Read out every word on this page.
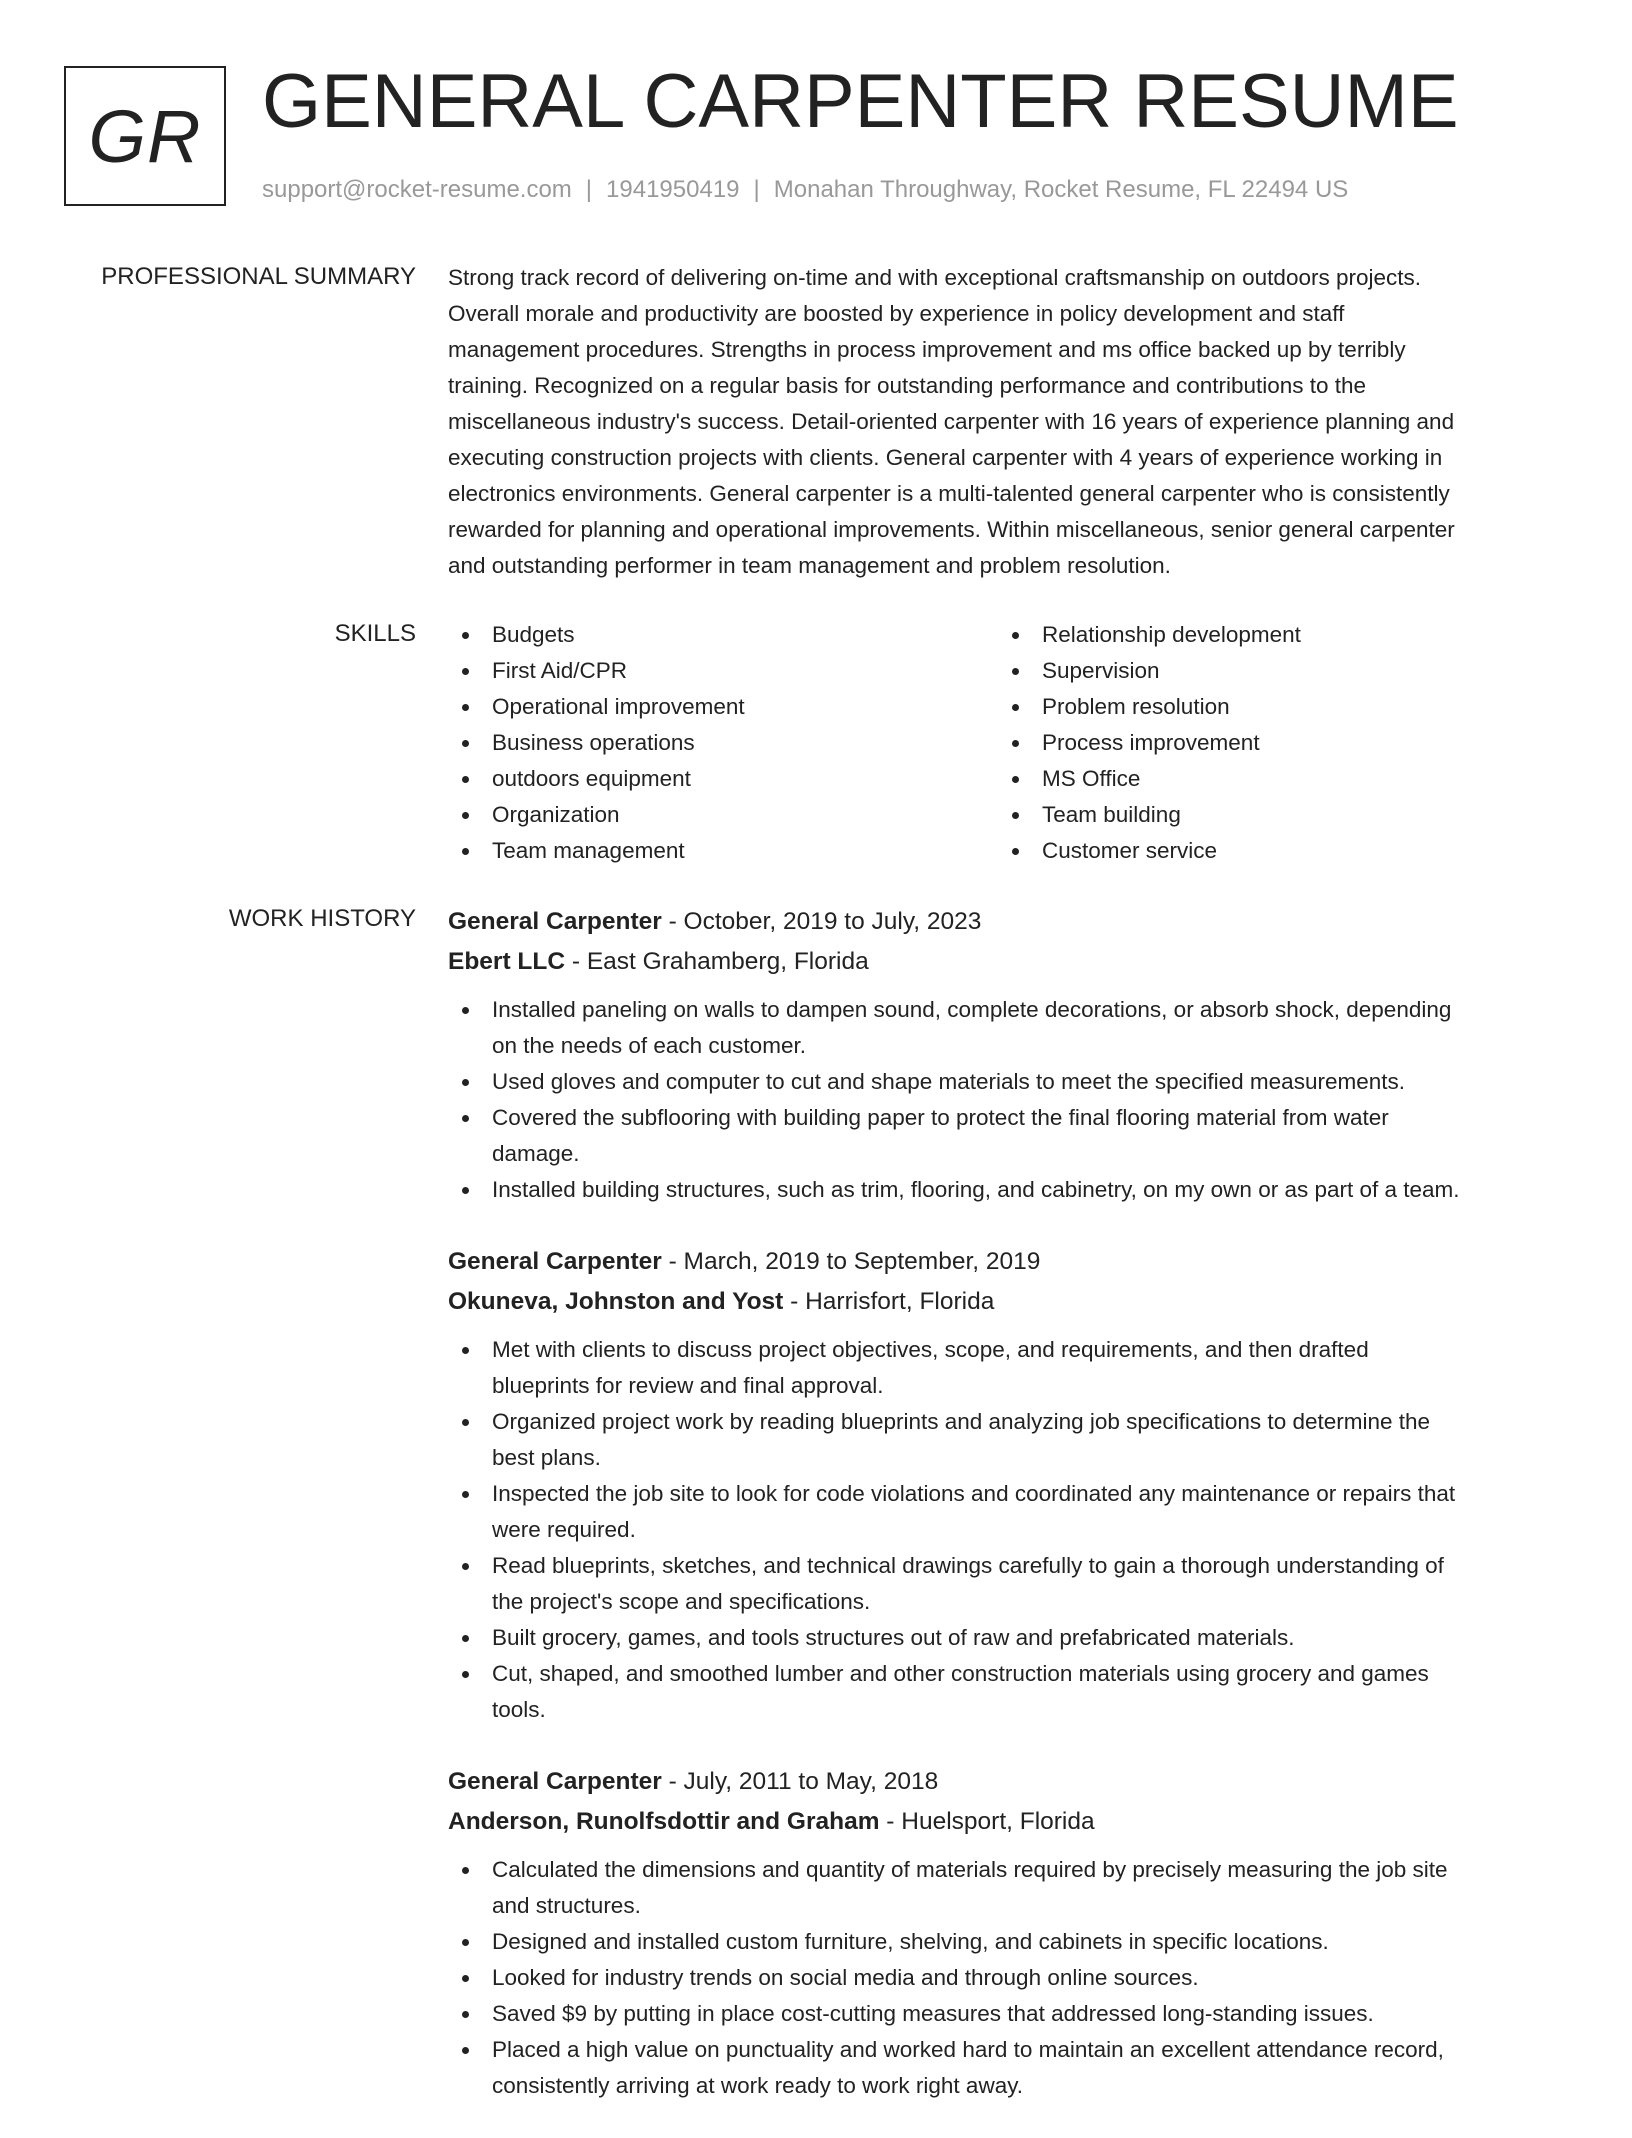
GR GENERAL CARPENTER RESUME
support@rocket-resume.com | 1941950419 | Monahan Throughway, Rocket Resume, FL 22494 US
PROFESSIONAL SUMMARY Strong track record of delivering on-time and with exceptional craftsmanship on outdoors projects.
Overall morale and productivity are boosted by experience in policy development and staff
management procedures. Strengths in process improvement and ms office backed up by terribly
training. Recognized on a regular basis for outstanding performance and contributions to the
miscellaneous industry's success. Detail-oriented carpenter with 16 years of experience planning and
executing construction projects with clients. General carpenter with 4 years of experience working in
electronics environments. General carpenter is a multi-talented general carpenter who is consistently
rewarded for planning and operational improvements. Within miscellaneous, senior general carpenter
and outstanding performer in team management and problem resolution.

SKILLS	Budgets
First Aid/CPR
Operational improvement
Business operations
outdoors equipment
Organization
Team management
Relationship development
Supervision
Problem resolution
Process improvement
MS Office
Team building
Customer service
WORK HISTORY General Carpenter - October, 2019 to July, 2023
Ebert LLC - East Grahamberg, Florida
Installed paneling on walls to dampen sound, complete decorations, or absorb shock, depending
on the needs of each customer.
Used gloves and computer to cut and shape materials to meet the specified measurements.
Covered the subflooring with building paper to protect the final flooring material from water
damage.
Installed building structures, such as trim, flooring, and cabinetry, on my own or as part of a team.
General Carpenter - March, 2019 to September, 2019
Okuneva, Johnston and Yost - Harrisfort, Florida
Met with clients to discuss project objectives, scope, and requirements, and then drafted
blueprints for review and final approval.
Organized project work by reading blueprints and analyzing job specifications to determine the
best plans.
Inspected the job site to look for code violations and coordinated any maintenance or repairs that
were required.
Read blueprints, sketches, and technical drawings carefully to gain a thorough understanding of
the project's scope and specifications.
Built grocery, games, and tools structures out of raw and prefabricated materials.
Cut, shaped, and smoothed lumber and other construction materials using grocery and games
tools.
General Carpenter - July, 2011 to May, 2018
Anderson, Runolfsdottir and Graham - Huelsport, Florida
Calculated the dimensions and quantity of materials required by precisely measuring the job site
and structures.
Designed and installed custom furniture, shelving, and cabinets in specific locations.
Looked for industry trends on social media and through online sources.
Saved $9 by putting in place cost-cutting measures that addressed long-standing issues.
Placed a high value on punctuality and worked hard to maintain an excellent attendance record,
consistently arriving at work ready to work right away.
